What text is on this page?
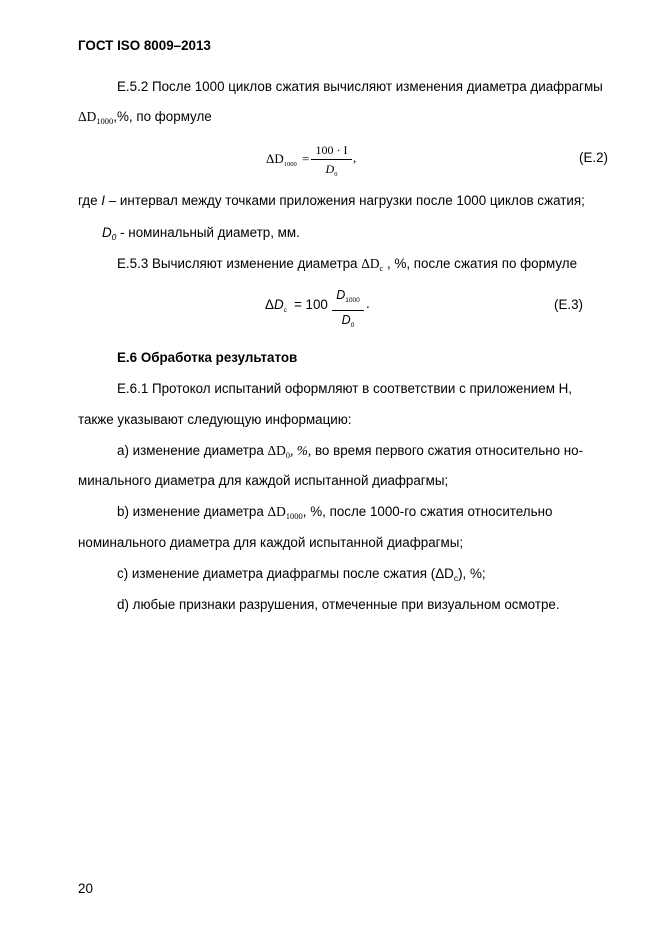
ГОСТ ISO 8009–2013
Е.5.2 После 1000 циклов сжатия вычисляют изменения диаметра диафрагмы
$\Delta D_{1000},\%$, по формуле
$\Delta D_{1000}$ =
100 · I
$D_0$
,	(Е.2)
где I – интервал между точками приложения нагрузки после 1000 циклов сжатия;
$D_0$ - номинальный диаметр, мм.
Е.5.3 Вычисляют изменение диаметра $\Delta D_c$ , %, после сжатия по формуле
$\Delta D_c = 100$
$D_{1000}$
$D_0$
.	(Е.3)
Е.6 Обработка результатов
Е.6.1 Протокол испытаний оформляют в соответствии с приложением Н,
также указывают следующую информацию:
а) изменение диаметра $\Delta D_0$, %, во время первого сжатия относительно но-
минального диаметра для каждой испытанной диафрагмы;
b) изменение диаметра $\Delta D_{1000}$, %, после 1000-го сжатия относительно
номинального диаметра для каждой испытанной диафрагмы;
с) изменение диаметра диафрагмы после сжатия $(\Delta D_c)$, %;
d) любые признаки разрушения, отмеченные при визуальном осмотре.
20
